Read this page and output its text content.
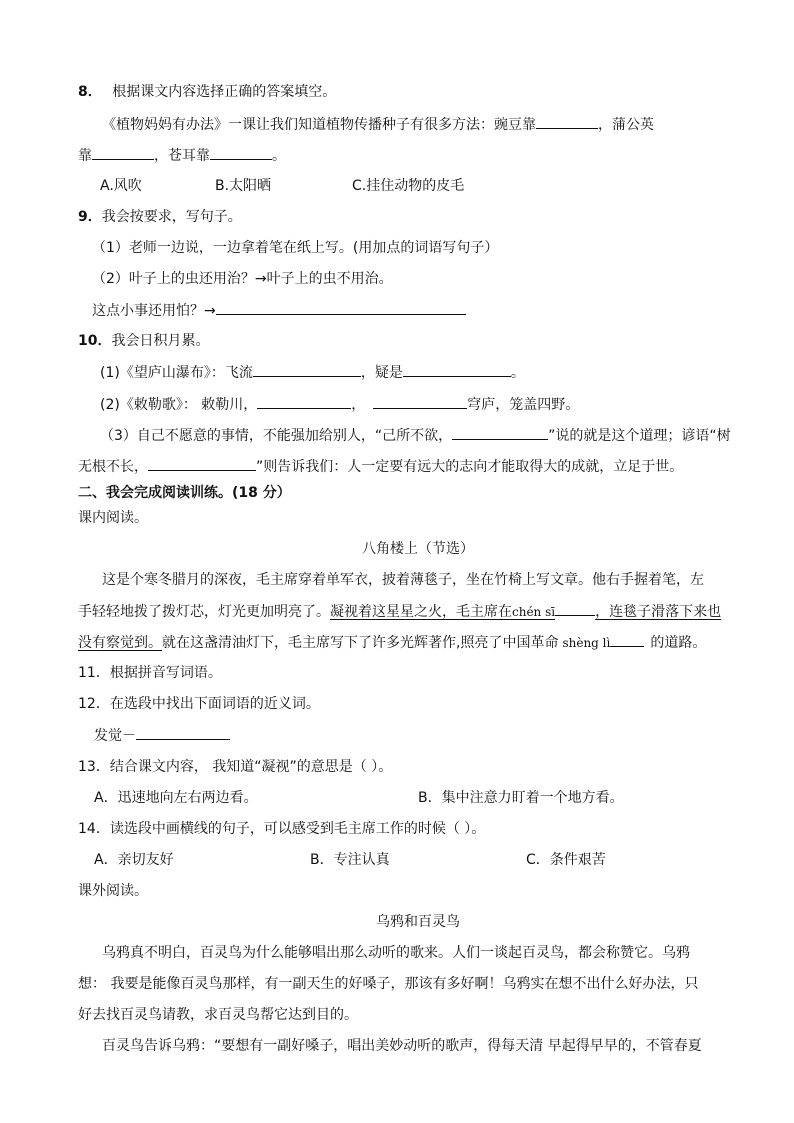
8． 根据课文内容选择正确的答案填空。
《植物妈妈有办法》一课让我们知道植物传播种子有很多方法：豌豆靠	，蒲公英
靠	，苍耳靠	。
A.风吹	B.太阳晒	C.挂住动物的皮毛
9．我会按要求，写句子。
（1）老师一边说，一边拿着笔在纸上写。(用加点的词语写句子）
（2）叶子上的虫还用治？→叶子上的虫不用治。
这点小事还用怕？→
10．我会日积月累。
(1)《望庐山瀑布》：飞流	，疑是	。
(2)《敕勒歌》： 敕勒川，	，	穹庐，笼盖四野。
（3）自己不愿意的事情，不能强加给别人，“己所不欲，	”说的就是这个道理；谚语“树
无根不长，	”则告诉我们：人一定要有远大的志向才能取得大的成就，立足于世。
二、我会完成阅读训练。(18 分）
课内阅读。
八角楼上（节选）
这是个寒冬腊月的深夜，毛主席穿着单军衣，披着薄毯子，坐在竹椅上写文章。他右手握着笔，左
手轻轻地拨了拨灯芯，灯光更加明亮了。凝视着这星星之火，毛主席在chén sī	，连毯子滑落下来也
没有察觉到。就在这盏清油灯下，毛主席写下了许多光辉著作,照亮了中国革命 shèng lì	的道路。
11．根据拼音写词语。
12．在选段中找出下面词语的近义词。
发觉－
13．结合课文内容， 我知道“凝视”的意思是（ ）。
A．迅速地向左右两边看。	B．集中注意力盯着一个地方看。
14．读选段中画横线的句子，可以感受到毛主席工作的时候（ ）。
A．亲切友好	B．专注认真	C．条件艰苦
课外阅读。
乌鸦和百灵鸟
乌鸦真不明白，百灵鸟为什么能够唱出那么动听的歌来。人们一谈起百灵鸟，都会称赞它。乌鸦
想： 我要是能像百灵鸟那样，有一副天生的好嗓子，那该有多好啊！乌鸦实在想不出什么好办法，只
好去找百灵鸟请教，求百灵鸟帮它达到目的。
百灵鸟告诉乌鸦：“要想有一副好嗓子，唱出美妙动听的歌声，得每天清 早起得早早的，不管春夏
